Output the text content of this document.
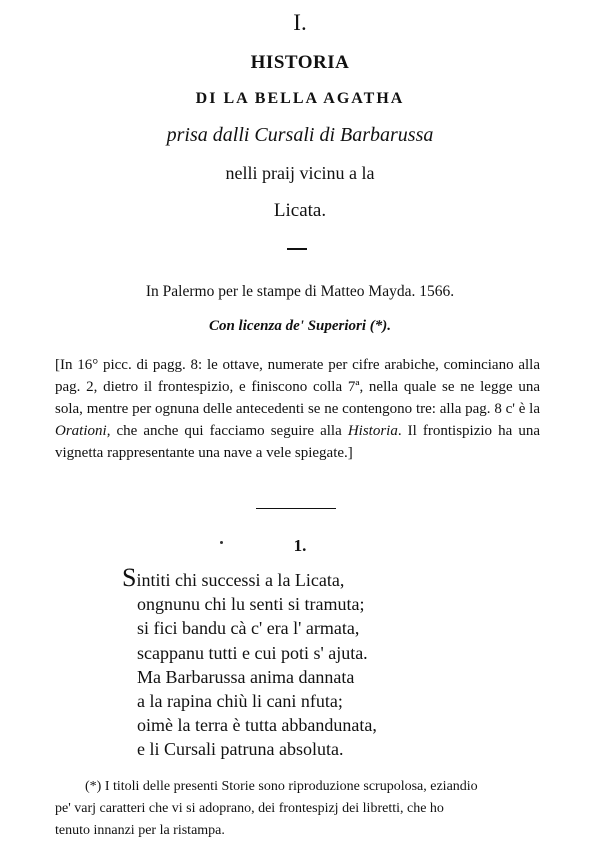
I.
HISTORIA
DI LA BELLA AGATHA
prisa dalli Cursali di Barbarussa
nelli praij vicinu a la
Licata.
In Palermo per le stampe di Matteo Mayda. 1566.
Con licenza de' Superiori (*).
[In 16° picc. di pagg. 8: le ottave, numerate per cifre arabiche, cominciano alla pag. 2, dietro il frontespizio, e finiscono colla 7ª, nella quale se ne legge una sola, mentre per ognuna delle antecedenti se ne contengono tre: alla pag. 8 c' è la Orationi, che anche qui facciamo seguire alla Historia. Il frontispizio ha una vignetta rappresentante una nave a vele spiegate.]
1.
Sintiti chi successi a la Licata,
ongnunu chi lu senti si tramuta;
si fici bandu cà c' era l' armata,
scappanu tutti e cui poti s' ajuta.
Ma Barbarussa anima dannata
a la rapina chiù li cani nfuta;
oimè la terra è tutta abbandunata,
e li Cursali patruna absoluta.
(*) I titoli delle presenti Storie sono riproduzione scrupolosa, eziandio
pe' varj caratteri che vi si adoprano, dei frontespizj dei libretti, che ho
tenuto innanzi per la ristampa.
